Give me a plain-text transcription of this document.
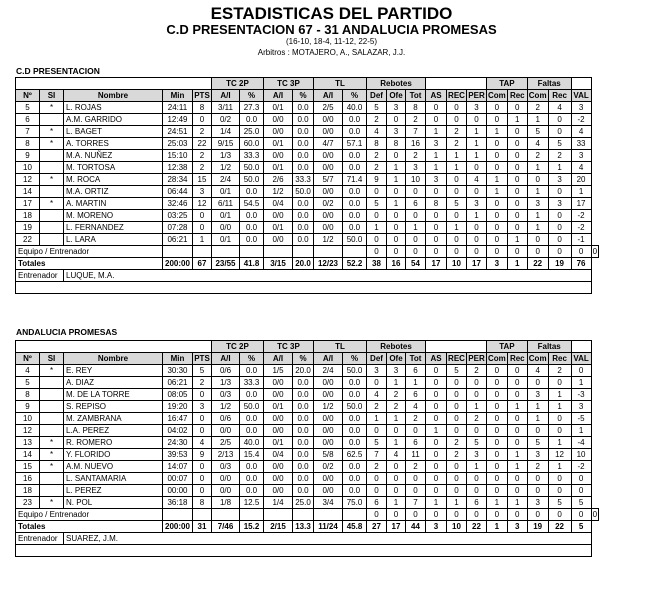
ESTADISTICAS DEL PARTIDO
C.D PRESENTACION 67 - 31 ANDALUCIA PROMESAS
(16-10, 18-4, 11-12, 22-5)
Arbitros : MOTAJERO, A., SALAZAR, J.J.
C.D PRESENTACION
					TC 2P		TC 3P		TL		Rebotes						TAP		Faltas			
Nº	SI	Nombre	Min	PTS	A/I	%	A/I	%	A/I	%	Def	Ofe	Tot	AS	REC	PER	Com	Rec	Com	Rec	VAL	
5	*	L. ROJAS	24:11	8	3/11	27.3	0/1	0.0	2/5	40.0	5	3	8	0	0	3	0	0	2	4	3	
6		A.M. GARRIDO	12:49	0	0/2	0.0	0/0	0.0	0/0	0.0	2	0	2	0	0	0	0	1	1	0	-2	
7	*	L. BAGET	24:51	2	1/4	25.0	0/0	0.0	0/0	0.0	4	3	7	1	2	1	1	0	5	0	4	
8	*	A. TORRES	25:03	22	9/15	60.0	0/1	0.0	4/7	57.1	8	8	16	3	2	1	0	0	4	5	33	
9		M.A. NUÑEZ	15:10	2	1/3	33.3	0/0	0.0	0/0	0.0	2	0	2	1	1	1	0	0	2	2	3	
10		M. TORTOSA	12:38	2	1/2	50.0	0/1	0.0	0/0	0.0	2	1	3	1	1	0	0	0	1	1	4	
12	*	M. ROCA	28:34	15	2/4	50.0	2/6	33.3	5/7	71.4	9	1	10	3	0	4	1	0	0	3	20	
14		M.A. ORTIZ	06:44	3	0/1	0.0	1/2	50.0	0/0	0.0	0	0	0	0	0	0	1	0	1	0	1	
17	*	A. MARTIN	32:46	12	6/11	54.5	0/4	0.0	0/2	0.0	5	1	6	8	5	3	0	0	3	3	17	
18		M. MORENO	03:25	0	0/1	0.0	0/0	0.0	0/0	0.0	0	0	0	0	0	1	0	0	1	0	-2	
19		L. FERNANDEZ	07:28	0	0/0	0.0	0/1	0.0	0/0	0.0	1	0	1	0	1	0	0	0	1	0	-2	
22		L. LARA	06:21	1	0/1	0.0	0/0	0.0	1/2	50.0	0	0	0	0	0	0	0	1	0	0	-1	
Equipo / Entrenador											0	0	0	0	0	0	0	0	0	0	0	0
Totales			200:00	67	23/55	41.8	3/15	20.0	12/23	52.2	38	16	54	17	10	17	3	1	22	19	76	
Entrenador		LUQUE, M.A.																				

ANDALUCIA PROMESAS
					TC 2P		TC 3P		TL		Rebotes						TAP		Faltas			
Nº	SI	Nombre	Min	PTS	A/I	%	A/I	%	A/I	%	Def	Ofe	Tot	AS	REC	PER	Com	Rec	Com	Rec	VAL	
4	*	E. REY	30:30	5	0/6	0.0	1/5	20.0	2/4	50.0	3	3	6	0	5	2	0	0	4	2	0	
5		A. DIAZ	06:21	2	1/3	33.3	0/0	0.0	0/0	0.0	0	1	1	0	0	0	0	0	0	0	1	
8		M. DE LA TORRE	08:05	0	0/3	0.0	0/0	0.0	0/0	0.0	4	2	6	0	0	0	0	0	3	1	-3	
9		S. REPISO	19:20	3	1/2	50.0	0/1	0.0	1/2	50.0	2	2	4	0	0	1	0	1	1	1	3	
10		M. ZAMBRANA	16:47	0	0/6	0.0	0/0	0.0	0/0	0.0	1	1	2	0	0	2	0	0	1	0	-5	
12		L.A. PEREZ	04:02	0	0/0	0.0	0/0	0.0	0/0	0.0	0	0	0	1	0	0	0	0	0	0	1	
13	*	R. ROMERO	24:30	4	2/5	40.0	0/1	0.0	0/0	0.0	5	1	6	0	2	5	0	0	5	1	-4	
14	*	Y. FLORIDO	39:53	9	2/13	15.4	0/4	0.0	5/8	62.5	7	4	11	0	2	3	0	1	3	12	10	
15	*	A.M. NUEVO	14:07	0	0/3	0.0	0/0	0.0	0/2	0.0	2	0	2	0	0	1	0	1	2	1	-2	
16		L. SANTAMARIA	00:07	0	0/0	0.0	0/0	0.0	0/0	0.0	0	0	0	0	0	0	0	0	0	0	0	
18		L. PEREZ	00:00	0	0/0	0.0	0/0	0.0	0/0	0.0	0	0	0	0	0	0	0	0	0	0	0	
23	*	N. POL	36:18	8	1/8	12.5	1/4	25.0	3/4	75.0	6	1	7	1	1	6	1	1	3	5	5	
Equipo / Entrenador											0	0	0	0	0	0	0	0	0	0	0	0
Totales			200:00	31	7/46	15.2	2/15	13.3	11/24	45.8	27	17	44	3	10	22	1	3	19	22	5	
Entrenador		SUAREZ, J.M.																				
